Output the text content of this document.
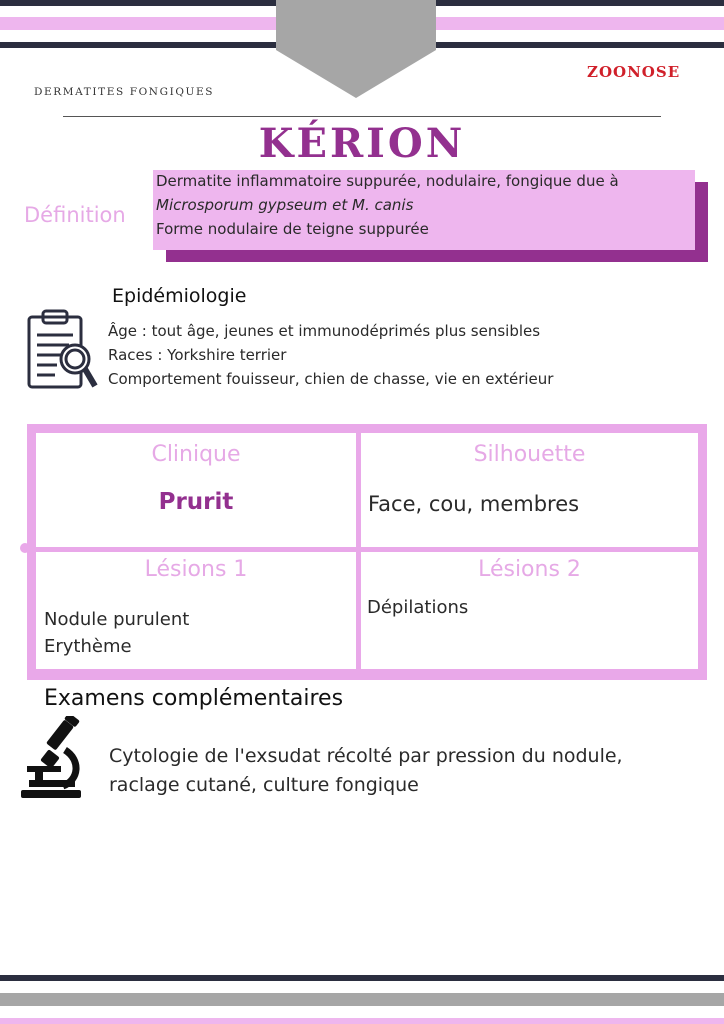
DERMATITES FONGIQUES
ZOONOSE
KÉRION
Définition
Dermatite inflammatoire suppurée, nodulaire, fongique due à
Microsporum gypseum et M. canis
Forme nodulaire de teigne suppurée
Epidémiologie
Âge : tout âge, jeunes et immunodéprimés plus sensibles
Races : Yorkshire terrier
Comportement fouisseur, chien de chasse, vie en extérieur
Clinique
Prurit
Silhouette
Face, cou, membres
Lésions 1
Nodule purulent
Erythème
Lésions 2
Dépilations
Examens complémentaires
Cytologie de l'exsudat récolté par pression du nodule,
raclage cutané, culture fongique
